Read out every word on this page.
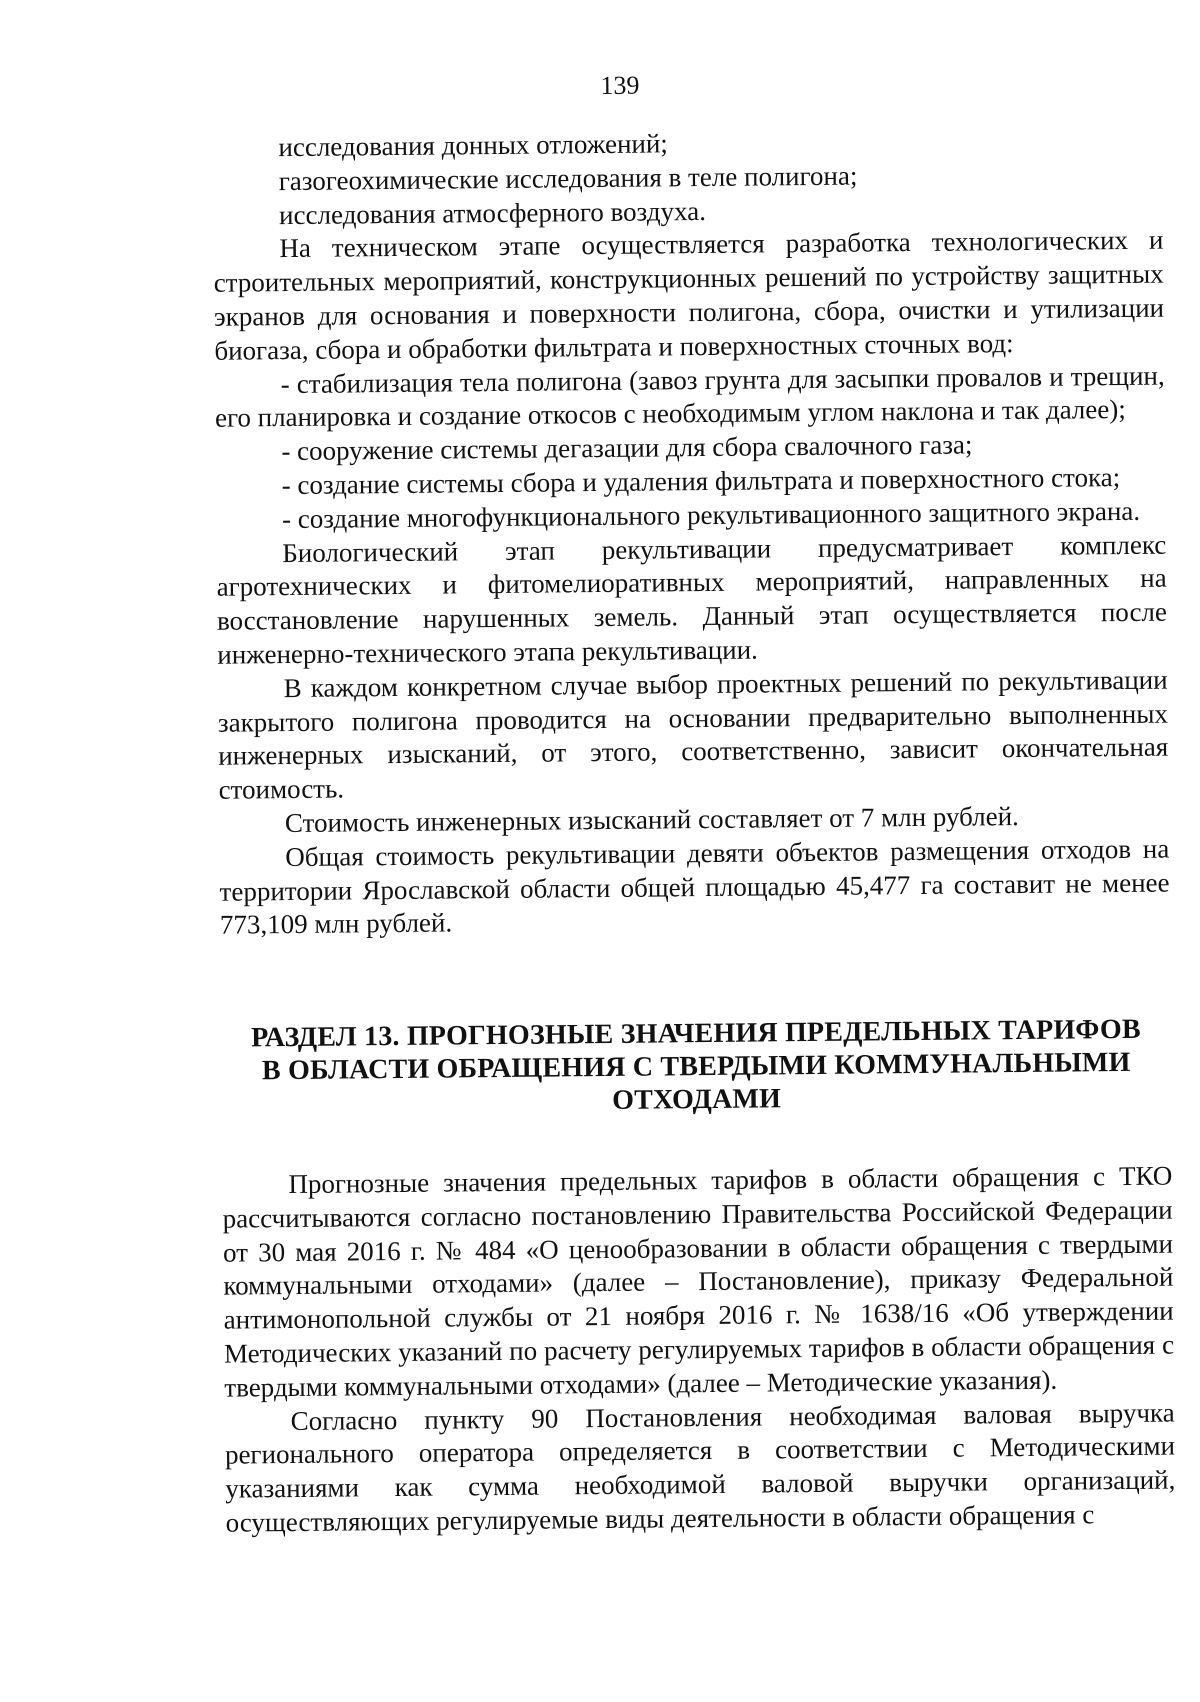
139

исследования донных отложений;

газогеохимические исследования в теле полигона;

исследования атмосферного воздуха.

На техническом этапе осуществляется разработка технологических и строительных мероприятий, конструкционных решений по устройству защитных экранов для основания и поверхности полигона, сбора, очистки и утилизации биогаза, сбора и обработки фильтрата и поверхностных сточных вод:

- стабилизация тела полигона (завоз грунта для засыпки провалов и трещин, его планировка и создание откосов с необходимым углом наклона и так далее);

- сооружение системы дегазации для сбора свалочного газа;

- создание системы сбора и удаления фильтрата и поверхностного стока;

- создание многофункционального рекультивационного защитного экрана.

Биологический этап рекультивации предусматривает комплекс агротехнических и фитомелиоративных мероприятий, направленных на восстановление нарушенных земель. Данный этап осуществляется после инженерно-технического этапа рекультивации.

В каждом конкретном случае выбор проектных решений по рекультивации закрытого полигона проводится на основании предварительно выполненных инженерных изысканий, от этого, соответственно, зависит окончательная стоимость.

Стоимость инженерных изысканий составляет от 7 млн рублей.

Общая стоимость рекультивации девяти объектов размещения отходов на территории Ярославской области общей площадью 45,477 га составит не менее 773,109 млн рублей.

РАЗДЕЛ 13. ПРОГНОЗНЫЕ ЗНАЧЕНИЯ ПРЕДЕЛЬНЫХ ТАРИФОВ
В ОБЛАСТИ ОБРАЩЕНИЯ С ТВЕРДЫМИ КОММУНАЛЬНЫМИ
ОТХОДАМИ

Прогнозные значения предельных тарифов в области обращения с ТКО рассчитываются согласно постановлению Правительства Российской Федерации от 30 мая 2016 г. № 484 «О ценообразовании в области обращения с твердыми коммунальными отходами» (далее – Постановление), приказу Федеральной антимонопольной службы от 21 ноября 2016 г. № 1638/16 «Об утверждении Методических указаний по расчету регулируемых тарифов в области обращения с твердыми коммунальными отходами» (далее – Методические указания).

Согласно пункту 90 Постановления необходимая валовая выручка регионального оператора определяется в соответствии с Методическими указаниями как сумма необходимой валовой выручки организаций, осуществляющих регулируемые виды деятельности в области обращения с
